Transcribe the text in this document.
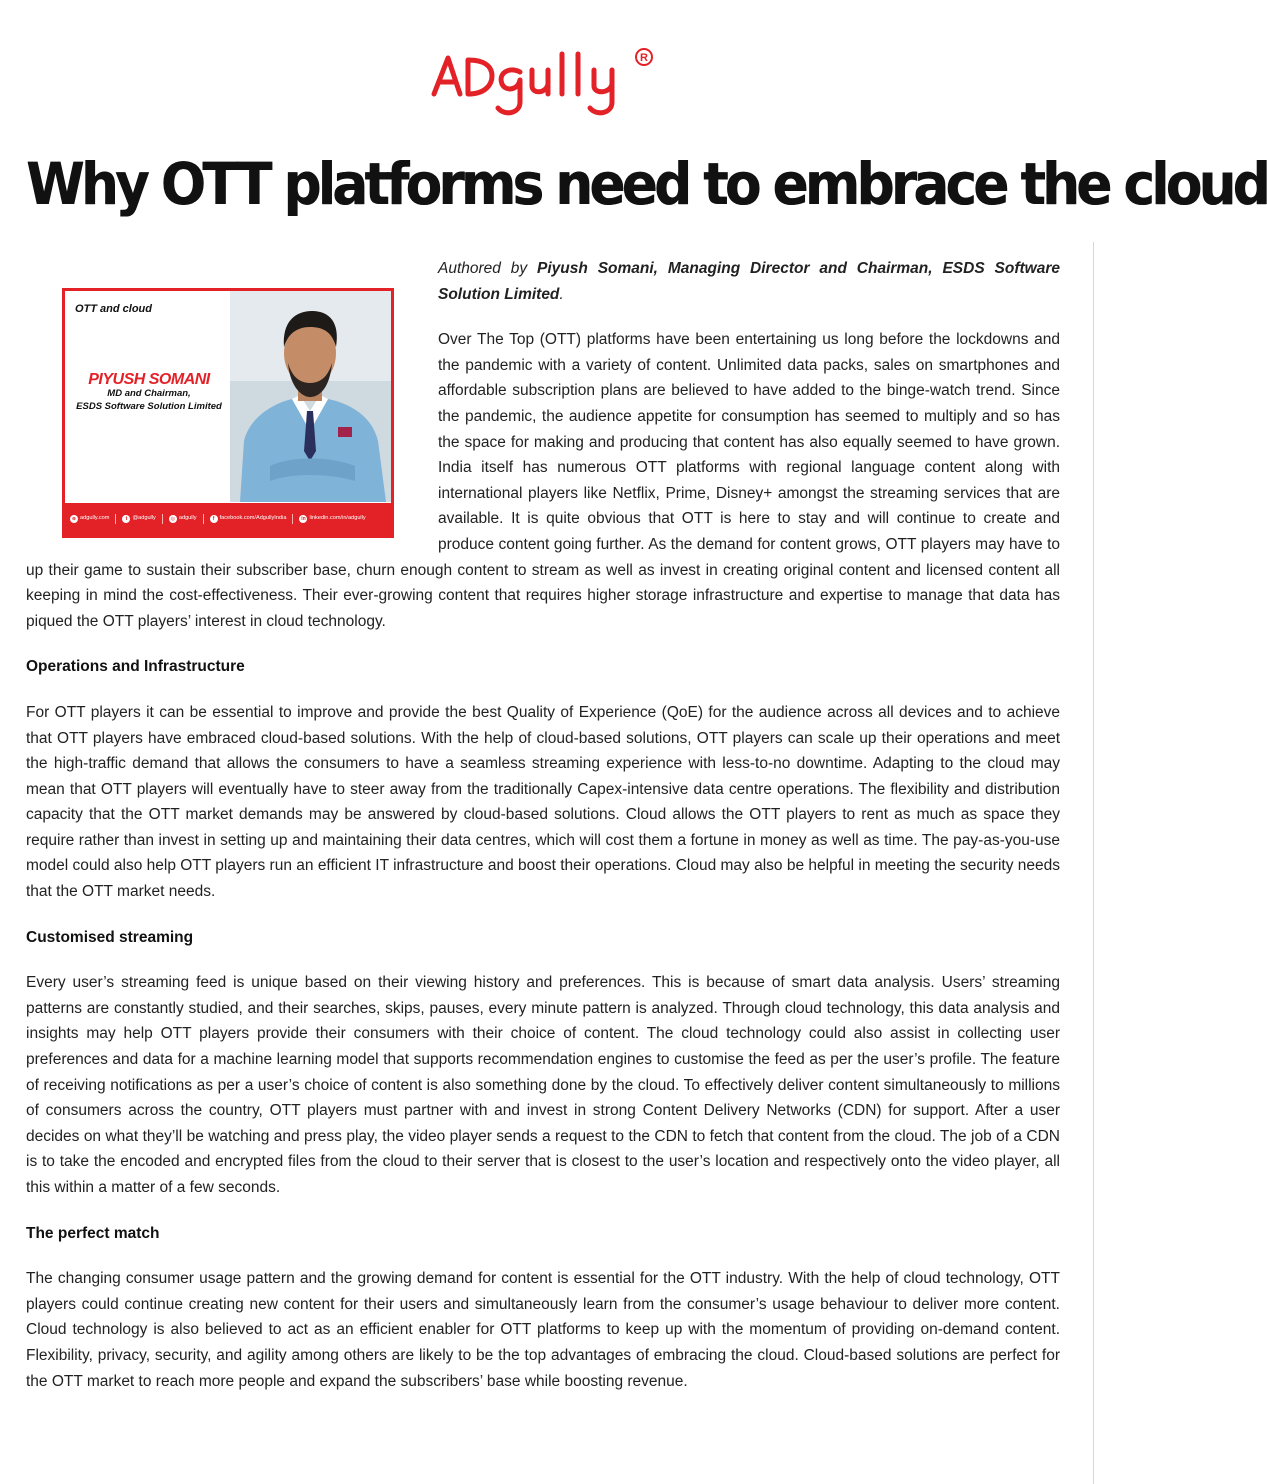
R
Why OTT platforms need to embrace the cloud
OTT and cloud
PIYUSH SOMANI
MD and Chairman,
ESDS Software Solution Limited
⊕ adgully.com	t @adgully	◎ adgully	f facebook.com/AdgullyIndia	in linkedin.com/in/adgully

Authored by Piyush Somani, Managing Director and Chairman, ESDS Software Solution Limited.

Over The Top (OTT) platforms have been entertaining us long before the lockdowns and the pandemic with a variety of content. Unlimited data packs, sales on smartphones and affordable subscription plans are believed to have added to the binge-watch trend. Since the pandemic, the audience appetite for consumption has seemed to multiply and so has the space for making and producing that content has also equally seemed to have grown. India itself has numerous OTT platforms with regional language content along with international players like Netflix, Prime, Disney+ amongst the streaming services that are available. It is quite obvious that OTT is here to stay and will continue to create and produce content going further. As the demand for content grows, OTT players may have to up their game to sustain their subscriber base, churn enough content to stream as well as invest in creating original content and licensed content all keeping in mind the cost-effectiveness. Their ever-growing content that requires higher storage infrastructure and expertise to manage that data has piqued the OTT players’ interest in cloud technology.

Operations and Infrastructure

For OTT players it can be essential to improve and provide the best Quality of Experience (QoE) for the audience across all devices and to achieve that OTT players have embraced cloud-based solutions. With the help of cloud-based solutions, OTT players can scale up their operations and meet the high-traffic demand that allows the consumers to have a seamless streaming experience with less-to-no downtime. Adapting to the cloud may mean that OTT players will eventually have to steer away from the traditionally Capex-intensive data centre operations. The flexibility and distribution capacity that the OTT market demands may be answered by cloud-based solutions. Cloud allows the OTT players to rent as much as space they require rather than invest in setting up and maintaining their data centres, which will cost them a fortune in money as well as time. The pay-as-you-use model could also help OTT players run an efficient IT infrastructure and boost their operations. Cloud may also be helpful in meeting the security needs that the OTT market needs.

Customised streaming

Every user’s streaming feed is unique based on their viewing history and preferences. This is because of smart data analysis. Users’ streaming patterns are constantly studied, and their searches, skips, pauses, every minute pattern is analyzed. Through cloud technology, this data analysis and insights may help OTT players provide their consumers with their choice of content. The cloud technology could also assist in collecting user preferences and data for a machine learning model that supports recommendation engines to customise the feed as per the user’s profile. The feature of receiving notifications as per a user’s choice of content is also something done by the cloud. To effectively deliver content simultaneously to millions of consumers across the country, OTT players must partner with and invest in strong Content Delivery Networks (CDN) for support. After a user decides on what they’ll be watching and press play, the video player sends a request to the CDN to fetch that content from the cloud. The job of a CDN is to take the encoded and encrypted files from the cloud to their server that is closest to the user’s location and respectively onto the video player, all this within a matter of a few seconds.

The perfect match

The changing consumer usage pattern and the growing demand for content is essential for the OTT industry. With the help of cloud technology, OTT players could continue creating new content for their users and simultaneously learn from the consumer’s usage behaviour to deliver more content. Cloud technology is also believed to act as an efficient enabler for OTT platforms to keep up with the momentum of providing on-demand content. Flexibility, privacy, security, and agility among others are likely to be the top advantages of embracing the cloud. Cloud-based solutions are perfect for the OTT market to reach more people and expand the subscribers’ base while boosting revenue.
